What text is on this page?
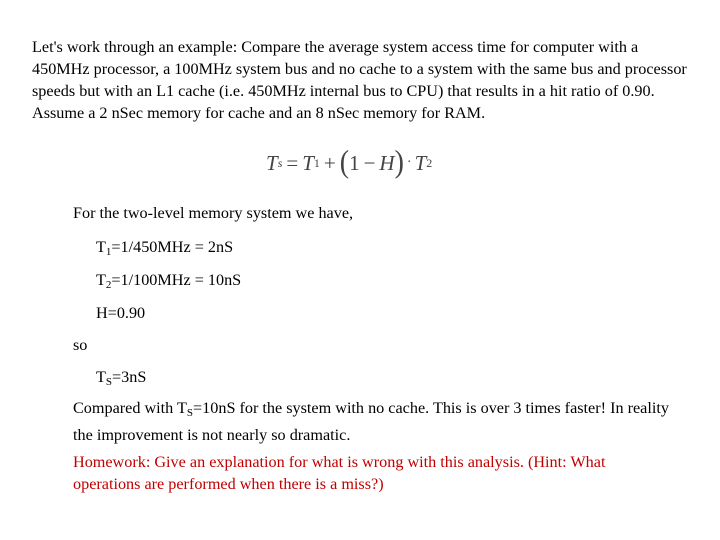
Let's work through an example: Compare the average system access time for computer with a 450MHz processor, a 100MHz system bus and no cache to a system with the same bus and processor speeds but with an L1 cache (i.e. 450MHz internal bus to CPU) that results in a hit ratio of 0.90. Assume a 2 nSec memory for cache and an 8 nSec memory for RAM.

T s = T 1 + ( 1 − H ) · T 2

For the two-level memory system we have,

$T_1=1/450MHz = 2nS$

$T_2=1/100MHz = 10nS$

H=0.90

so

$T_S=3nS$

Compared with $T_S=10nS$ for the system with no cache. This is over 3 times faster! In reality the improvement is not nearly so dramatic.

Homework: Give an explanation for what is wrong with this analysis. (Hint: What operations are performed when there is a miss?)
